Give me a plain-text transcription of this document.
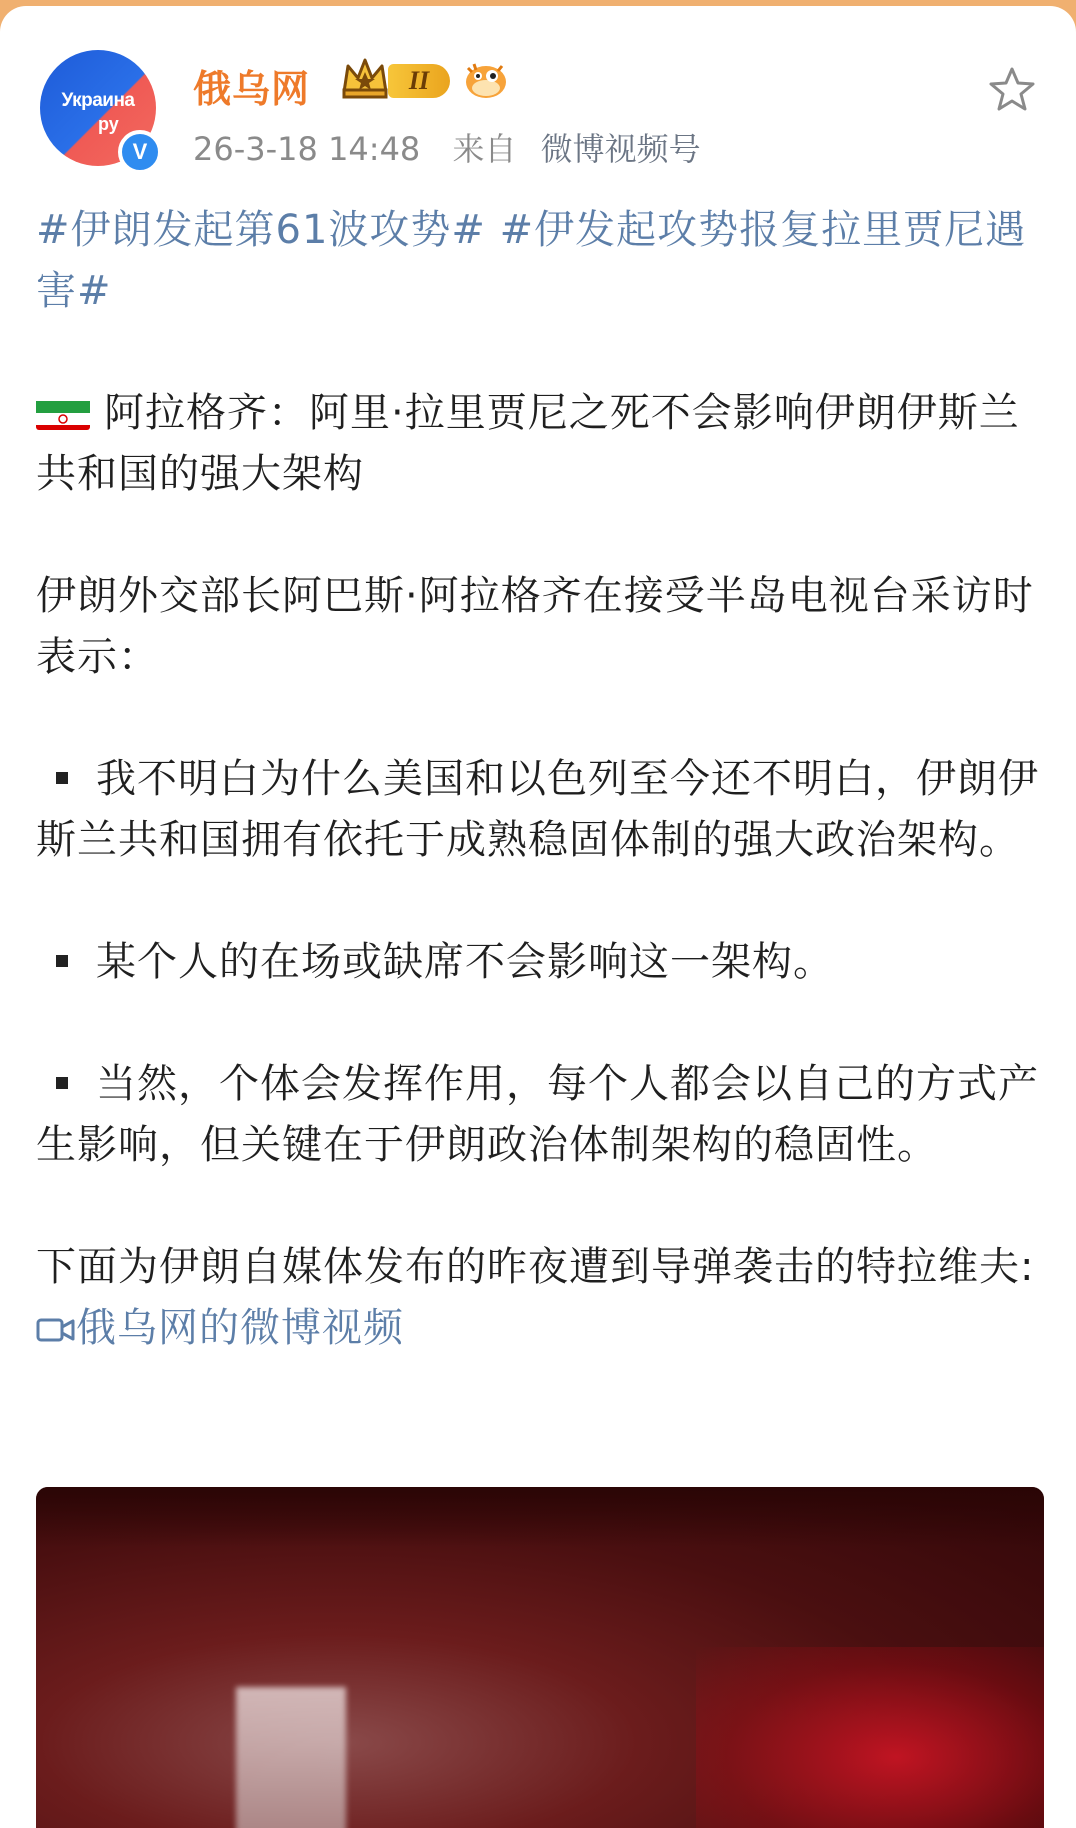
Украина
ру
V
俄乌网	II
26-3-18 14:48 来自 微博视频号

#伊朗发起第61波攻势# #伊发起攻势报复拉里贾尼遇害#

阿拉格齐：阿里·拉里贾尼之死不会影响伊朗伊斯兰共和国的强大架构

伊朗外交部长阿巴斯·阿拉格齐在接受半岛电视台采访时表示：

我不明白为什么美国和以色列至今还不明白，伊朗伊斯兰共和国拥有依托于成熟稳固体制的强大政治架构。

某个人的在场或缺席不会影响这一架构。

当然，个体会发挥作用，每个人都会以自己的方式产生影响，但关键在于伊朗政治体制架构的稳固性。

下面为伊朗自媒体发布的昨夜遭到导弹袭击的特拉维夫: 俄乌网的微博视频
